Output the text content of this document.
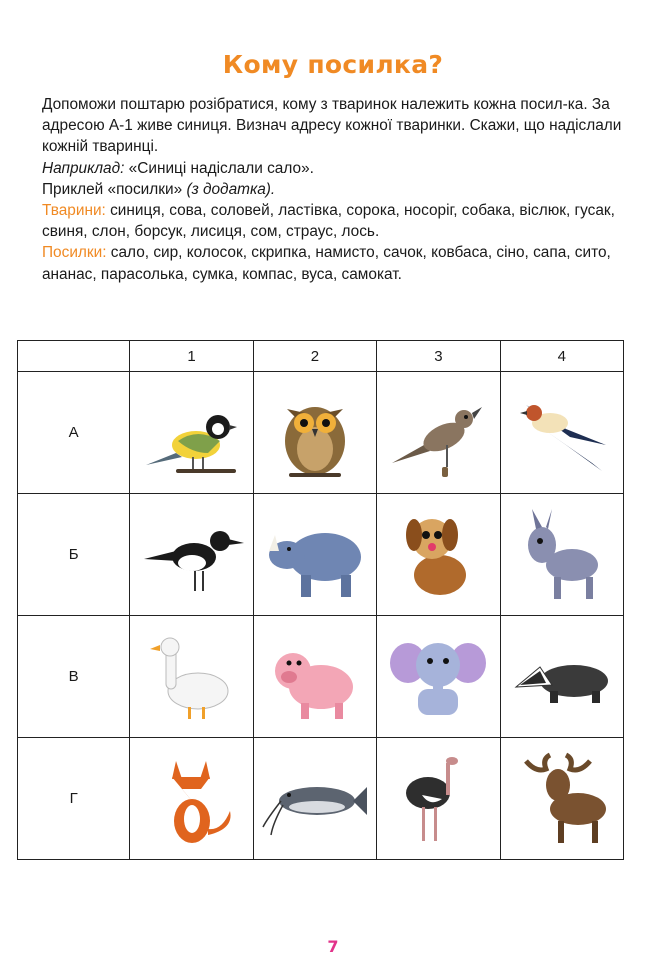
Кому посилка?

Допоможи поштарю розібратися, кому з тваринок належить кожна посил-ка. За адресою А-1 живе синиця. Визнач адресу кожної тваринки. Скажи, що надіслали кожній тваринці.

Наприклад: «Синиці надіслали сало».

Приклей «посилки» (з додатка).

Тварини: синиця, сова, соловей, ластівка, сорока, носоріг, собака, віслюк, гусак, свиня, слон, борсук, лисиця, сом, страус, лось.

Посилки: сало, сир, колосок, скрипка, намисто, сачок, ковбаса, сіно, сапа, сито, ананас, парасолька, сумка, компас, вуса, самокат.

	1	2	3	4
А	

Б	

В	

Г	

7
